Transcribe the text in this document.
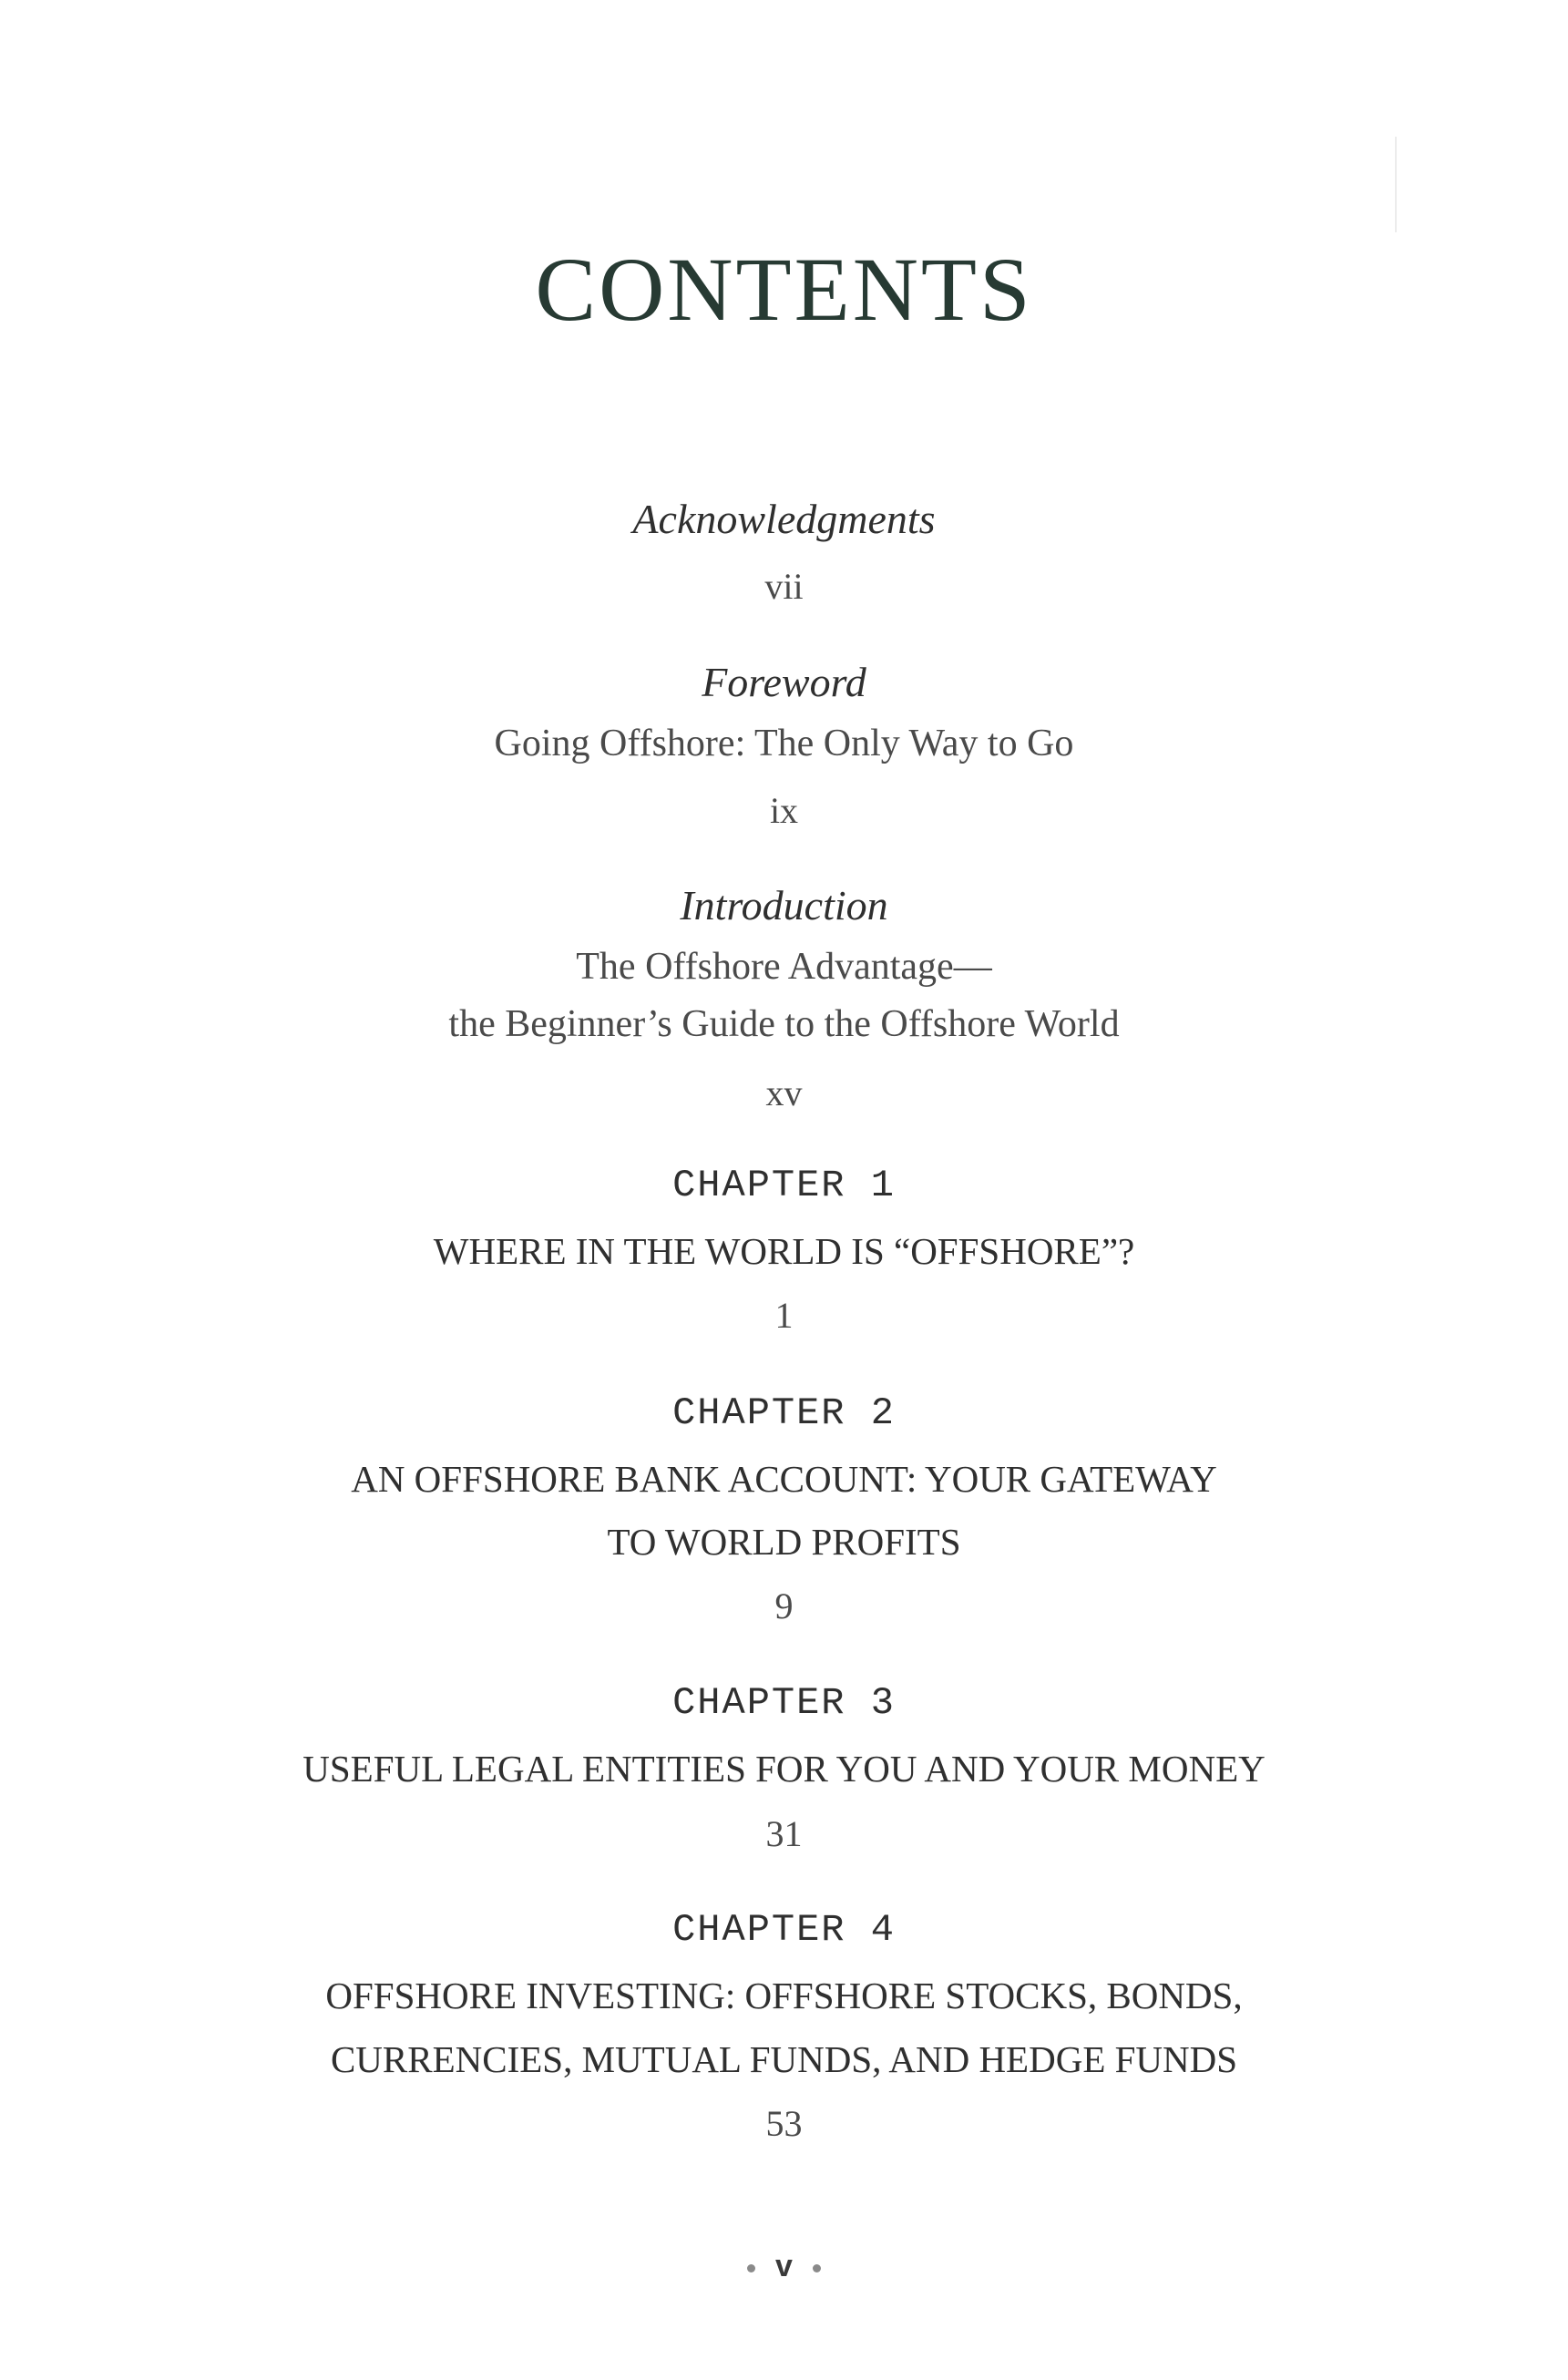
CONTENTS

Acknowledgments

vii

Foreword

Going Offshore: The Only Way to Go

ix

Introduction

The Offshore Advantage—

the Beginner’s Guide to the Offshore World

xv

CHAPTER 1

WHERE IN THE WORLD IS “OFFSHORE”?

1

CHAPTER 2

AN OFFSHORE BANK ACCOUNT: YOUR GATEWAY

TO WORLD PROFITS

9

CHAPTER 3

USEFUL LEGAL ENTITIES FOR YOU AND YOUR MONEY

31

CHAPTER 4

OFFSHORE INVESTING: OFFSHORE STOCKS, BONDS,

CURRENCIES, MUTUAL FUNDS, AND HEDGE FUNDS

53

v
